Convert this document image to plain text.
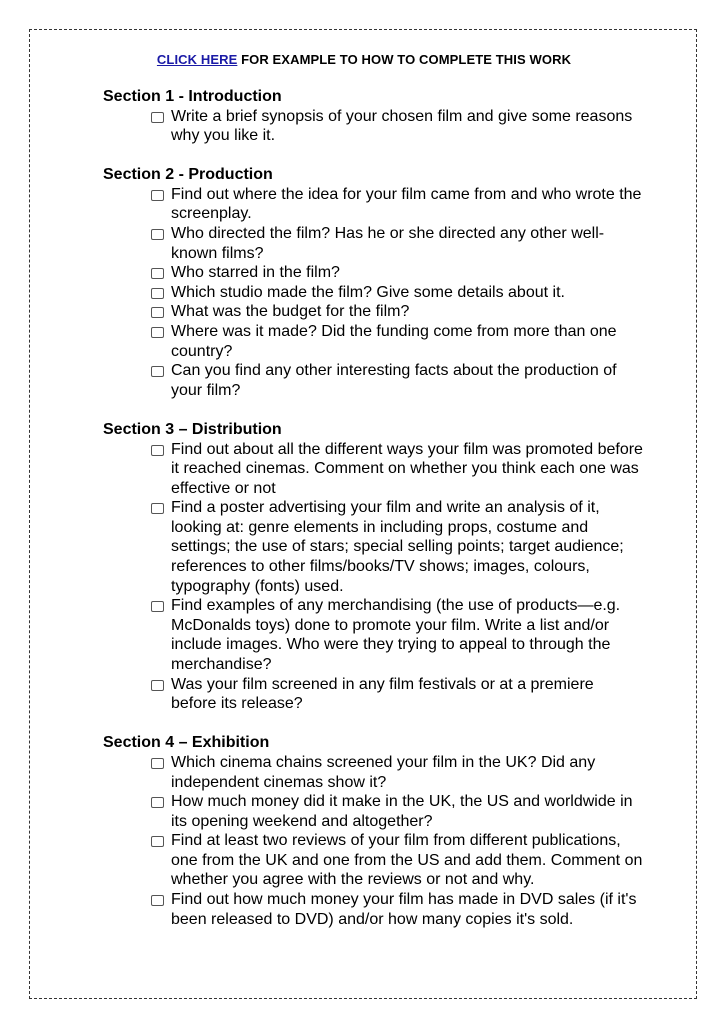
CLICK HERE FOR EXAMPLE TO HOW TO COMPLETE THIS WORK
Section 1 - Introduction
Write a brief synopsis of your chosen film and give some reasons why you like it.
Section 2 - Production
Find out where the idea for your film came from and who wrote the screenplay.
Who directed the film? Has he or she directed any other well-known films?
Who starred in the film?
Which studio made the film? Give some details about it.
What was the budget for the film?
Where was it made? Did the funding come from more than one country?
Can you find any other interesting facts about the production of your film?
Section 3 – Distribution
Find out about all the different ways your film was promoted before it reached cinemas. Comment on whether you think each one was effective or not
Find a poster advertising your film and write an analysis of it, looking at: genre elements in including props, costume and settings; the use of stars; special selling points; target audience; references to other films/books/TV shows; images, colours, typography (fonts) used.
Find examples of any merchandising (the use of products—e.g. McDonalds toys) done to promote your film. Write a list and/or include images. Who were they trying to appeal to through the merchandise?
Was your film screened in any film festivals or at a premiere before its release?
Section 4 – Exhibition
Which cinema chains screened your film in the UK? Did any independent cinemas show it?
How much money did it make in the UK, the US and worldwide in its opening weekend and altogether?
Find at least two reviews of your film from different publications, one from the UK and one from the US and add them. Comment on whether you agree with the reviews or not and why.
Find out how much money your film has made in DVD sales (if it's been released to DVD) and/or how many copies it's sold.
